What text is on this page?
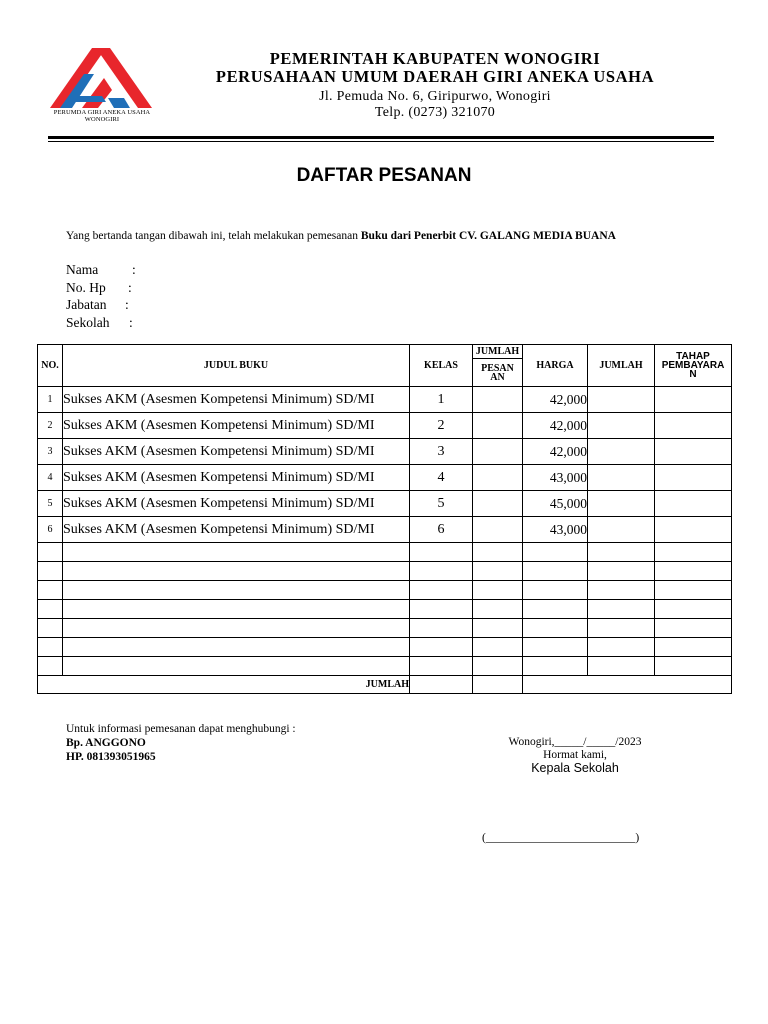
PERUMDA GIRI ANEKA USAHA
WONOGIRI
PEMERINTAH KABUPATEN WONOGIRI
PERUSAHAAN UMUM DAERAH GIRI ANEKA USAHA
Jl. Pemuda No. 6, Giripurwo, Wonogiri
Telp. (0273) 321070
DAFTAR PESANAN
Yang bertanda tangan dibawah ini, telah melakukan pemesanan Buku dari Penerbit CV. GALANG MEDIA BUANA
Nama	:
No. Hp :
Jabatan :
Sekolah :
NO.	JUDUL BUKU	KELAS	JUMLAH	HARGA	JUMLAH	TAHAP PEMBAYARA N
			PESAN AN			
1	Sukses AKM (Asesmen Kompetensi Minimum) SD/MI	1		42,000		
2	Sukses AKM (Asesmen Kompetensi Minimum) SD/MI	2		42,000		
3	Sukses AKM (Asesmen Kompetensi Minimum) SD/MI	3		42,000		
4	Sukses AKM (Asesmen Kompetensi Minimum) SD/MI	4		43,000		
5	Sukses AKM (Asesmen Kompetensi Minimum) SD/MI	5		45,000		
6	Sukses AKM (Asesmen Kompetensi Minimum) SD/MI	6		43,000		

JUMLAH						
Untuk informasi pemesanan dapat menghubungi :
Bp. ANGGONO
HP. 081393051965
Wonogiri,_____/_____/2023
Hormat kami,
Kepala Sekolah
(__________________________)
